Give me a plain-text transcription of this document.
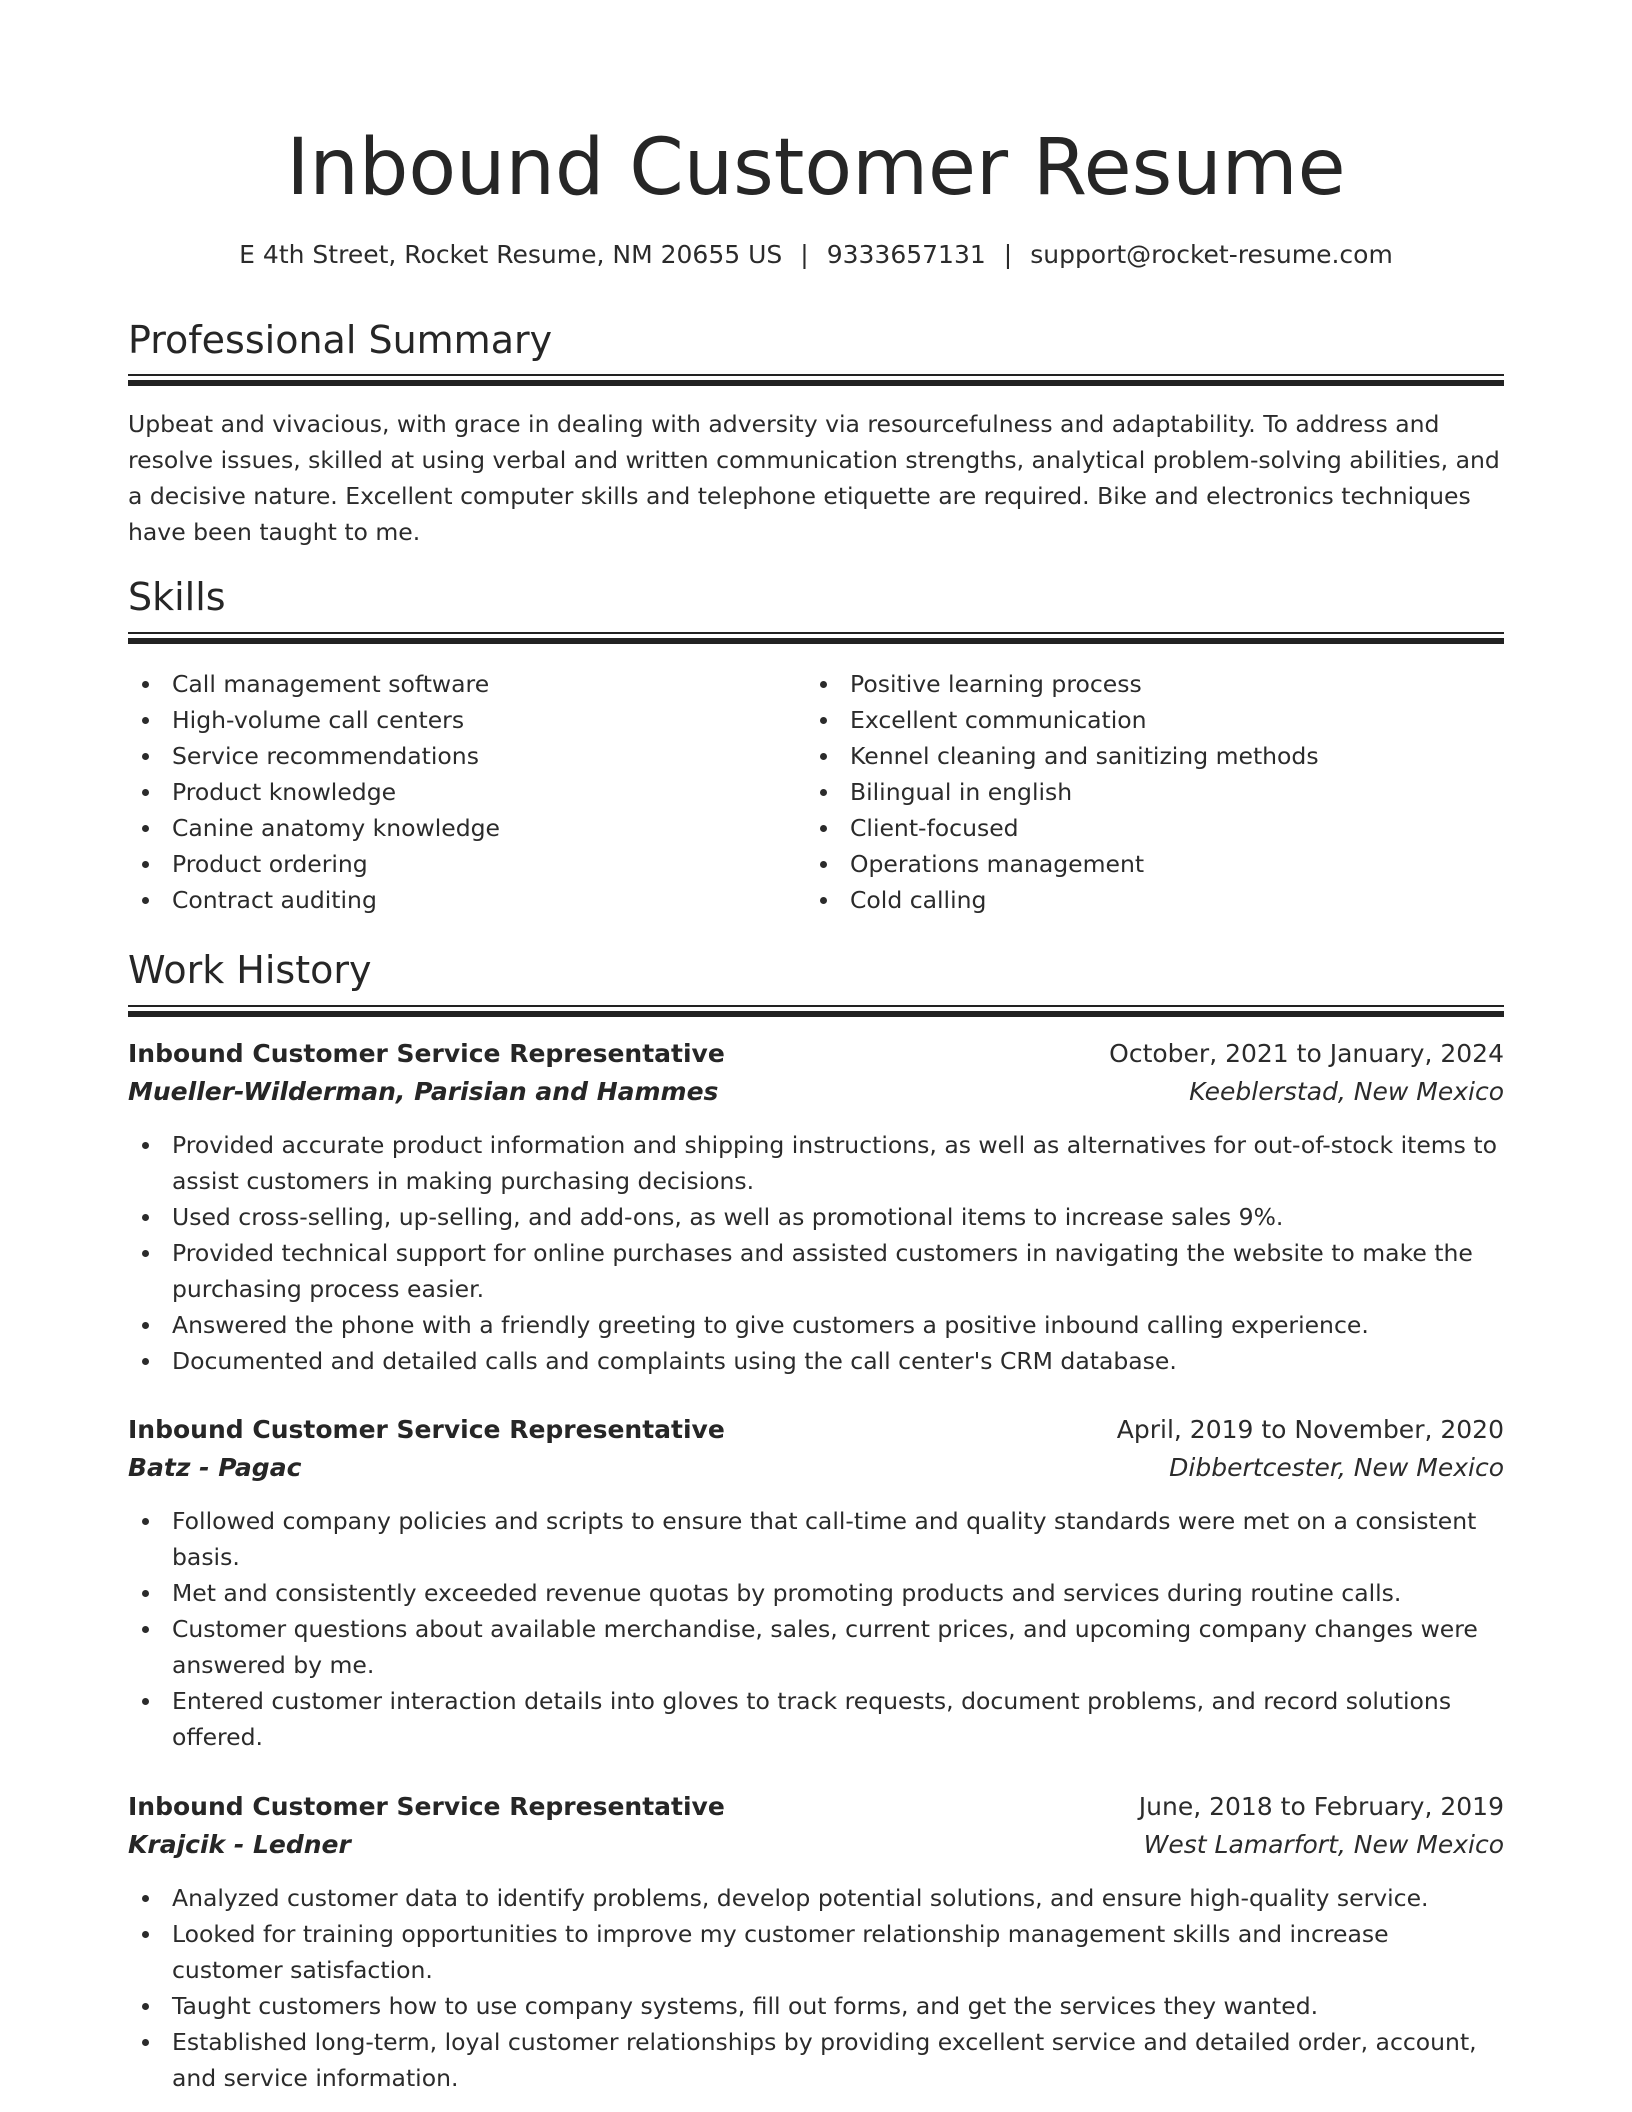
Inbound Customer Resume
E 4th Street, Rocket Resume, NM 20655 US | 9333657131 | support@rocket-resume.com
Professional Summary

Upbeat and vivacious, with grace in dealing with adversity via resourcefulness and adaptability. To address and resolve issues, skilled at using verbal and written communication strengths, analytical problem-solving abilities, and a decisive nature. Excellent computer skills and telephone etiquette are required. Bike and electronics techniques have been taught to me.

Skills
Call management software
High-volume call centers
Service recommendations
Product knowledge
Canine anatomy knowledge
Product ordering
Contract auditing
Positive learning process
Excellent communication
Kennel cleaning and sanitizing methods
Bilingual in english
Client-focused
Operations management
Cold calling
Work History
Inbound Customer Service Representative	October, 2021 to January, 2024
Mueller-Wilderman, Parisian and Hammes	Keeblerstad, New Mexico
Provided accurate product information and shipping instructions, as well as alternatives for out-of-stock items to assist customers in making purchasing decisions.
Used cross-selling, up-selling, and add-ons, as well as promotional items to increase sales 9%.
Provided technical support for online purchases and assisted customers in navigating the website to make the purchasing process easier.
Answered the phone with a friendly greeting to give customers a positive inbound calling experience.
Documented and detailed calls and complaints using the call center's CRM database.
Inbound Customer Service Representative	April, 2019 to November, 2020
Batz - Pagac	Dibbertcester, New Mexico
Followed company policies and scripts to ensure that call-time and quality standards were met on a consistent basis.
Met and consistently exceeded revenue quotas by promoting products and services during routine calls.
Customer questions about available merchandise, sales, current prices, and upcoming company changes were answered by me.
Entered customer interaction details into gloves to track requests, document problems, and record solutions offered.
Inbound Customer Service Representative	June, 2018 to February, 2019
Krajcik - Ledner	West Lamarfort, New Mexico
Analyzed customer data to identify problems, develop potential solutions, and ensure high-quality service.
Looked for training opportunities to improve my customer relationship management skills and increase customer satisfaction.
Taught customers how to use company systems, fill out forms, and get the services they wanted.
Established long-term, loyal customer relationships by providing excellent service and detailed order, account, and service information.
